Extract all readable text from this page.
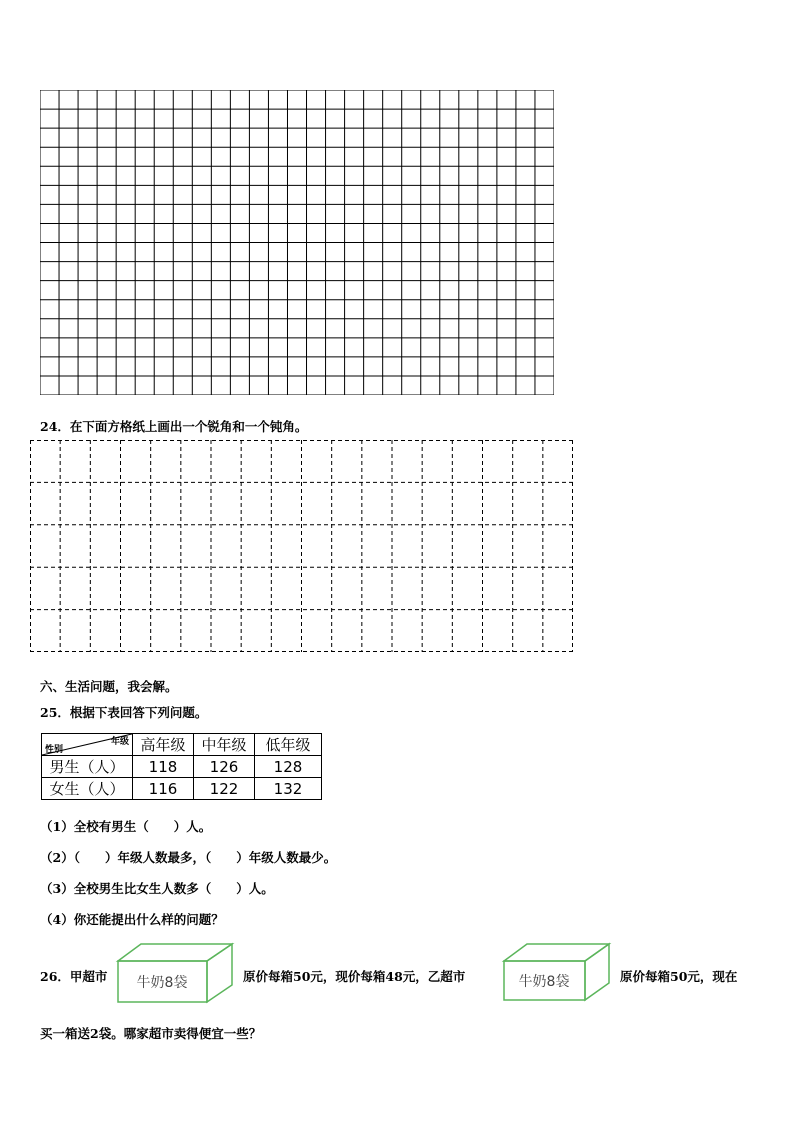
24．在下面方格纸上画出一个锐角和一个钝角。
六、生活问题，我会解。
25．根据下表回答下列问题。
年级
性别	高年级	中年级	低年级
男生（人）	118	126	128
女生（人）	116	122	132
（1）全校有男生（　　）人。
（2）（　　）年级人数最多，（　　）年级人数最少。
（3）全校男生比女生人数多（　　）人。
（4）你还能提出什么样的问题？
26．甲超市 牛奶8袋	原价每箱50元，现价每箱48元，乙超市	牛奶8袋	原价每箱50元，现在
买一箱送2袋。哪家超市卖得便宜一些？
